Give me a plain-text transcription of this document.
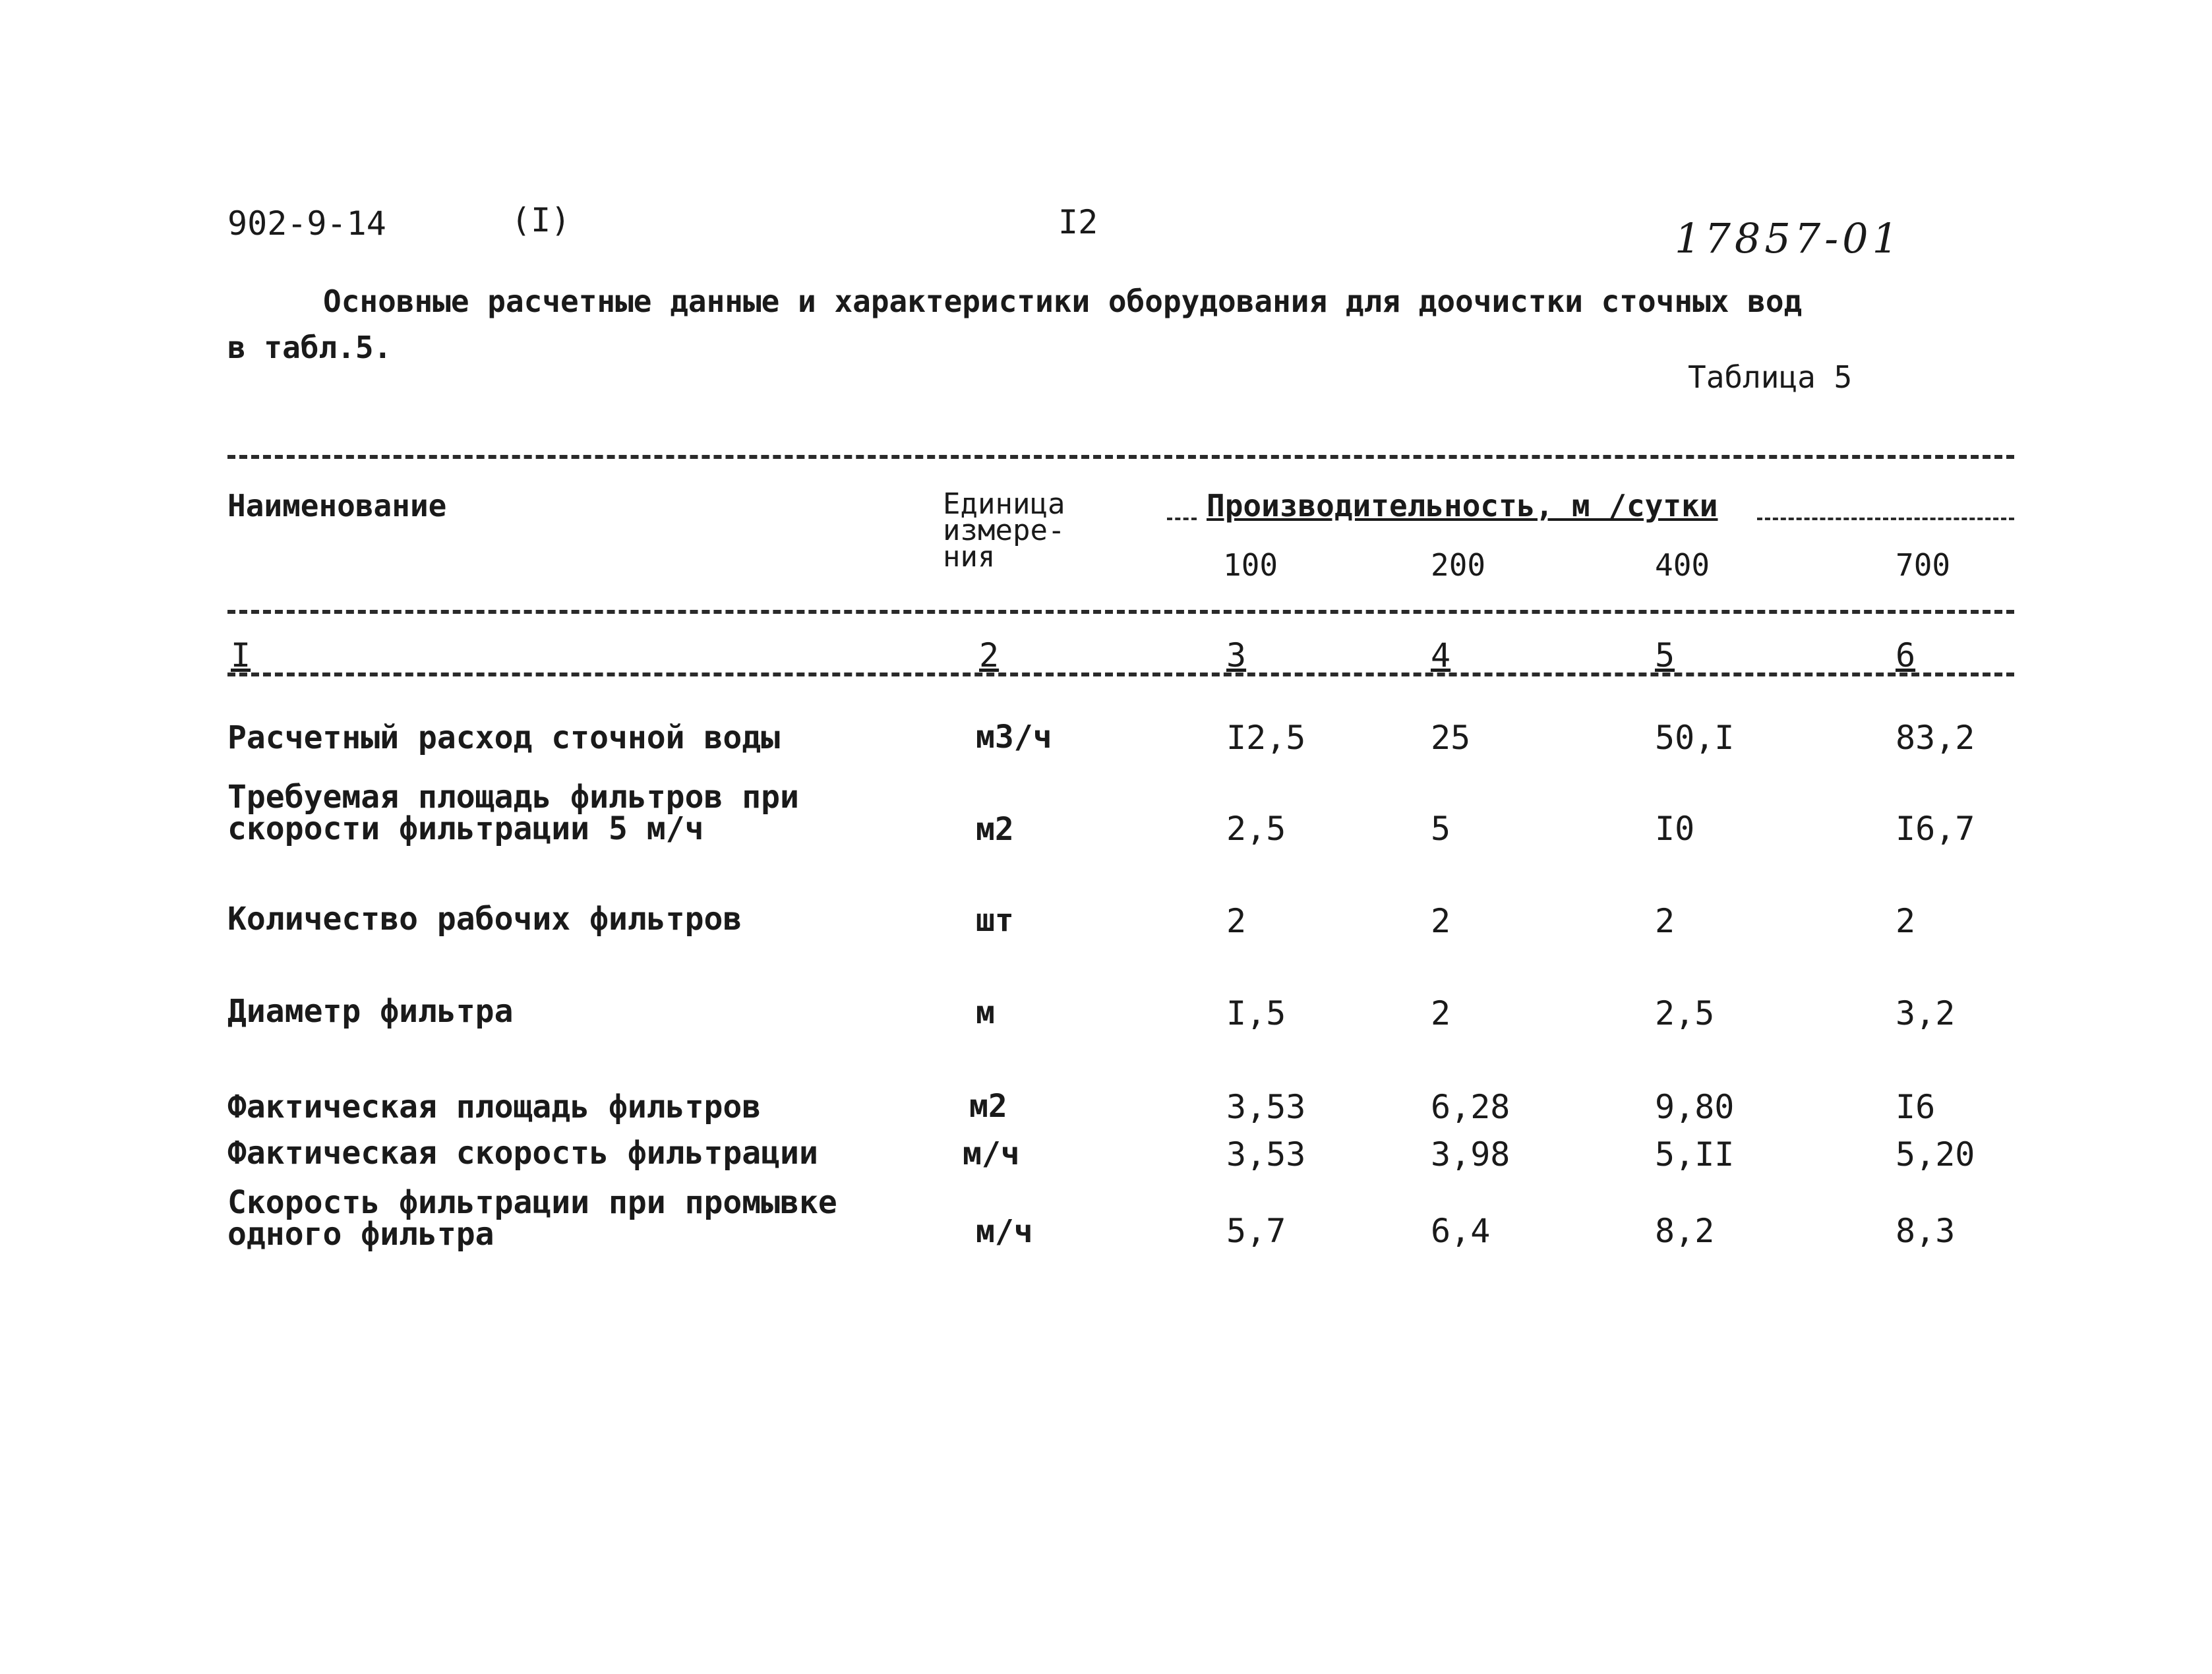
902-9-14	(I)	I2	17857-01
Основные расчетные данные и характеристики оборудования для доочистки сточных вод
в табл.5.
Таблица 5
Наименование	Единица
измере-
ния
Производительность, м /сутки
100	200	400	700
I	2	3	4	5	6
Расчетный расход сточной воды	м3/ч	I2,5	25	50,I	83,2
Требуемая площадь фильтров при
скорости фильтрации 5 м/ч	м2	2,5	5	I0	I6,7
Количество рабочих фильтров	шт	2	2	2	2
Диаметр фильтра	м	I,5	2	2,5	3,2
Фактическая площадь фильтров	м2	3,53	6,28	9,80	I6
Фактическая скорость фильтрации	м/ч	3,53	3,98	5,II	5,20
Скорость фильтрации при промывке
одного фильтра	м/ч	5,7	6,4	8,2	8,3
